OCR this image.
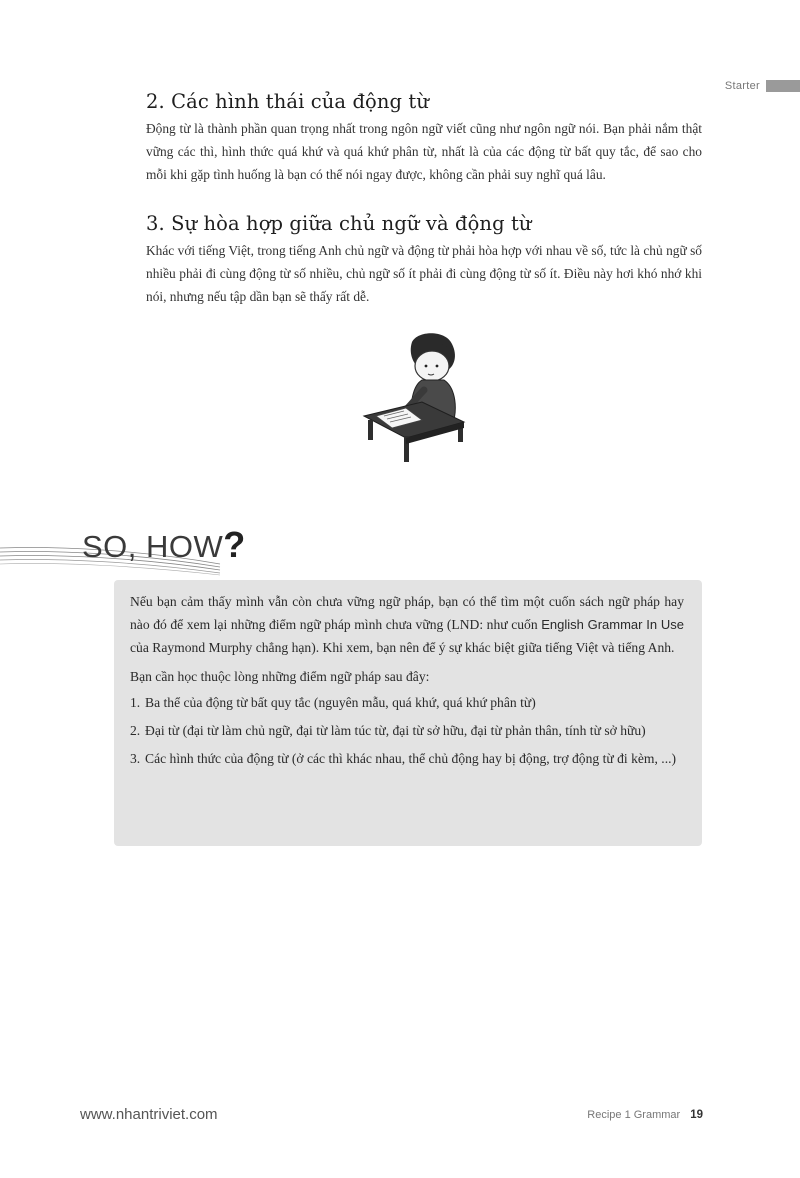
Starter
2. Các hình thái của động từ

Động từ là thành phần quan trọng nhất trong ngôn ngữ viết cũng như ngôn ngữ nói. Bạn phải nắm thật vững các thì, hình thức quá khứ và quá khứ phân từ, nhất là của các động từ bất quy tắc, để sao cho mỗi khi gặp tình huống là bạn có thể nói ngay được, không cần phải suy nghĩ quá lâu.

3. Sự hòa hợp giữa chủ ngữ và động từ

Khác với tiếng Việt, trong tiếng Anh chủ ngữ và động từ phải hòa hợp với nhau về số, tức là chủ ngữ số nhiều phải đi cùng động từ số nhiều, chủ ngữ số ít phải đi cùng động từ số ít. Điều này hơi khó nhớ khi nói, nhưng nếu tập dần bạn sẽ thấy rất dễ.

SO, HOW?

Nếu bạn cảm thấy mình vẫn còn chưa vững ngữ pháp, bạn có thể tìm một cuốn sách ngữ pháp hay nào đó để xem lại những điểm ngữ pháp mình chưa vững (LND: như cuốn English Grammar In Use của Raymond Murphy chẳng hạn). Khi xem, bạn nên để ý sự khác biệt giữa tiếng Việt và tiếng Anh.

Bạn cần học thuộc lòng những điểm ngữ pháp sau đây:

1. Ba thể của động từ bất quy tắc (nguyên mẫu, quá khứ, quá khứ phân từ)
2. Đại từ (đại từ làm chủ ngữ, đại từ làm túc từ, đại từ sở hữu, đại từ phản thân, tính từ sở hữu)
3. Các hình thức của động từ (ở các thì khác nhau, thể chủ động hay bị động, trợ động từ đi kèm, ...)
www.nhantriviet.com	Recipe 1 Grammar 19
